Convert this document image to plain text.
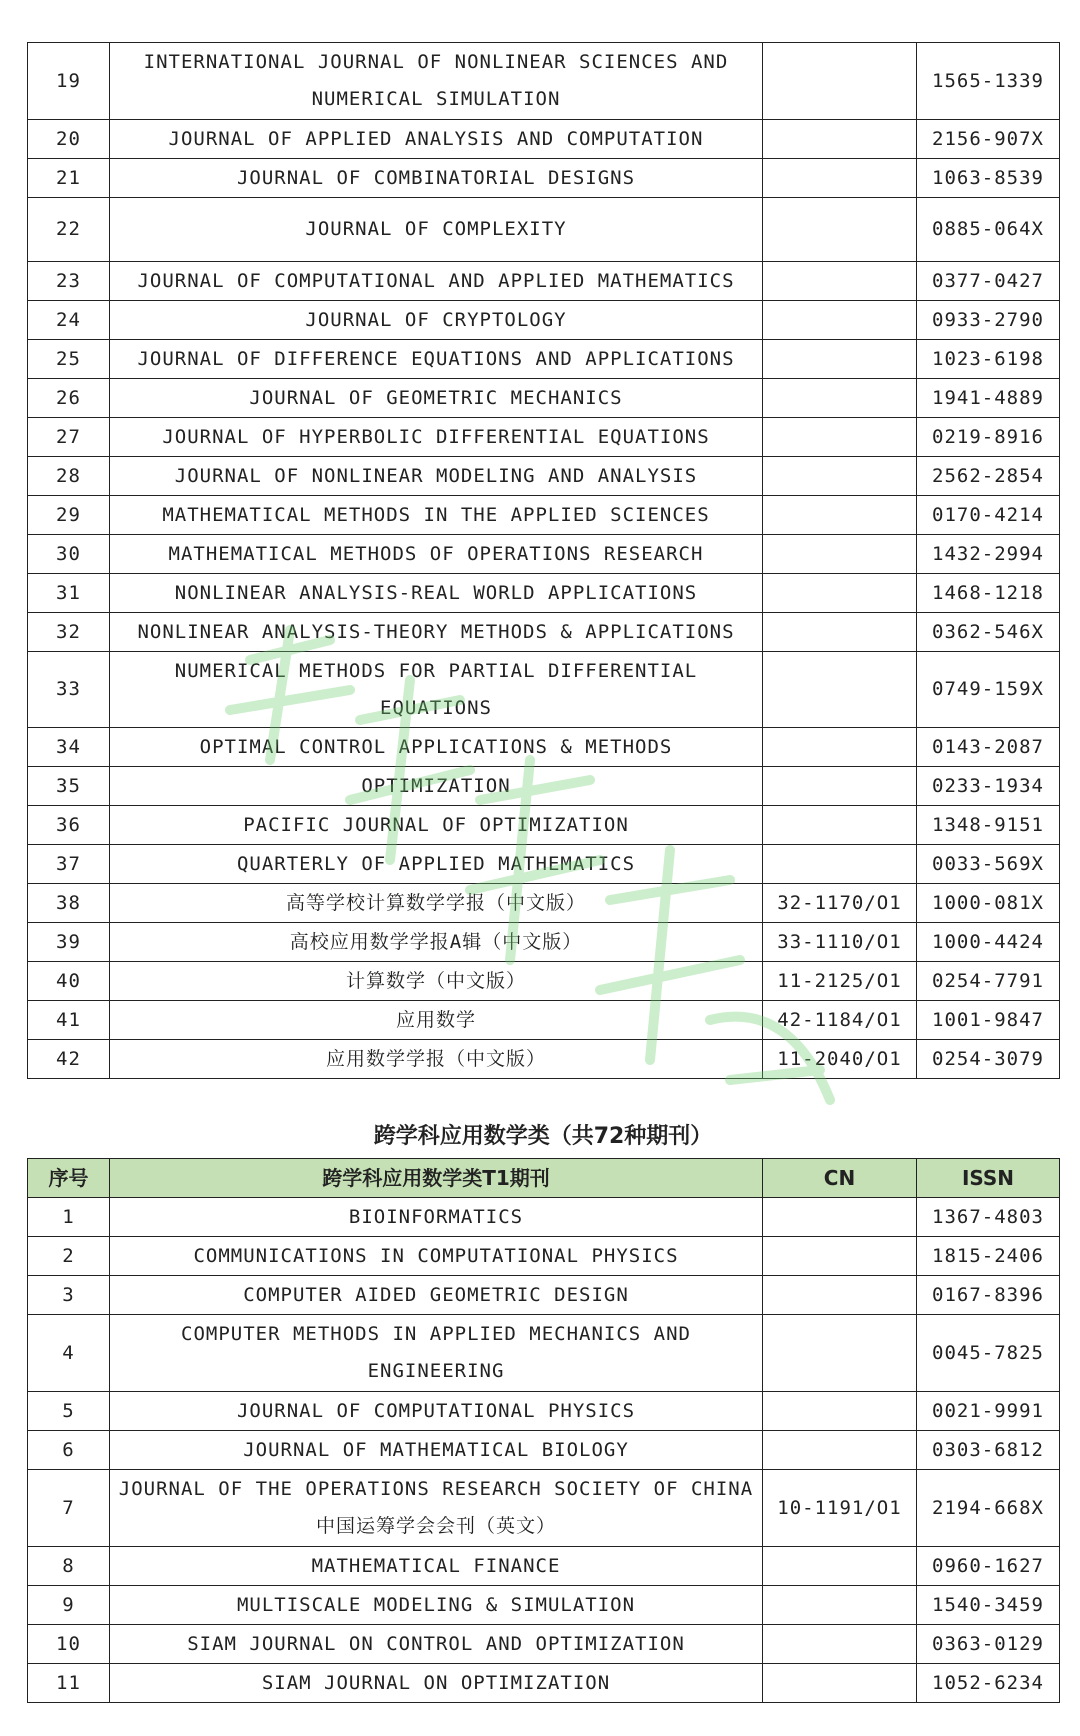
19	INTERNATIONAL JOURNAL OF NONLINEAR SCIENCES AND NUMERICAL SIMULATION		1565-1339
20	JOURNAL OF APPLIED ANALYSIS AND COMPUTATION		2156-907X
21	JOURNAL OF COMBINATORIAL DESIGNS		1063-8539
22	JOURNAL OF COMPLEXITY		0885-064X
23	JOURNAL OF COMPUTATIONAL AND APPLIED MATHEMATICS		0377-0427
24	JOURNAL OF CRYPTOLOGY		0933-2790
25	JOURNAL OF DIFFERENCE EQUATIONS AND APPLICATIONS		1023-6198
26	JOURNAL OF GEOMETRIC MECHANICS		1941-4889
27	JOURNAL OF HYPERBOLIC DIFFERENTIAL EQUATIONS		0219-8916
28	JOURNAL OF NONLINEAR MODELING AND ANALYSIS		2562-2854
29	MATHEMATICAL METHODS IN THE APPLIED SCIENCES		0170-4214
30	MATHEMATICAL METHODS OF OPERATIONS RESEARCH		1432-2994
31	NONLINEAR ANALYSIS-REAL WORLD APPLICATIONS		1468-1218
32	NONLINEAR ANALYSIS-THEORY METHODS & APPLICATIONS		0362-546X
33	NUMERICAL METHODS FOR PARTIAL DIFFERENTIAL EQUATIONS		0749-159X
34	OPTIMAL CONTROL APPLICATIONS & METHODS		0143-2087
35	OPTIMIZATION		0233-1934
36	PACIFIC JOURNAL OF OPTIMIZATION		1348-9151
37	QUARTERLY OF APPLIED MATHEMATICS		0033-569X
38	高等学校计算数学学报（中文版）	32-1170/O1	1000-081X
39	高校应用数学学报A辑（中文版）	33-1110/O1	1000-4424
40	计算数学（中文版）	11-2125/O1	0254-7791
41	应用数学	42-1184/O1	1001-9847
42	应用数学学报（中文版）	11-2040/O1	0254-3079
跨学科应用数学类（共72种期刊）
序号	跨学科应用数学类T1期刊	CN	ISSN
1	BIOINFORMATICS		1367-4803
2	COMMUNICATIONS IN COMPUTATIONAL PHYSICS		1815-2406
3	COMPUTER AIDED GEOMETRIC DESIGN		0167-8396
4	COMPUTER METHODS IN APPLIED MECHANICS AND ENGINEERING		0045-7825
5	JOURNAL OF COMPUTATIONAL PHYSICS		0021-9991
6	JOURNAL OF MATHEMATICAL BIOLOGY		0303-6812
7	JOURNAL OF THE OPERATIONS RESEARCH SOCIETY OF CHINA 中国运筹学会会刊（英文）	10-1191/O1	2194-668X
8	MATHEMATICAL FINANCE		0960-1627
9	MULTISCALE MODELING & SIMULATION		1540-3459
10	SIAM JOURNAL ON CONTROL AND OPTIMIZATION		0363-0129
11	SIAM JOURNAL ON OPTIMIZATION		1052-6234
